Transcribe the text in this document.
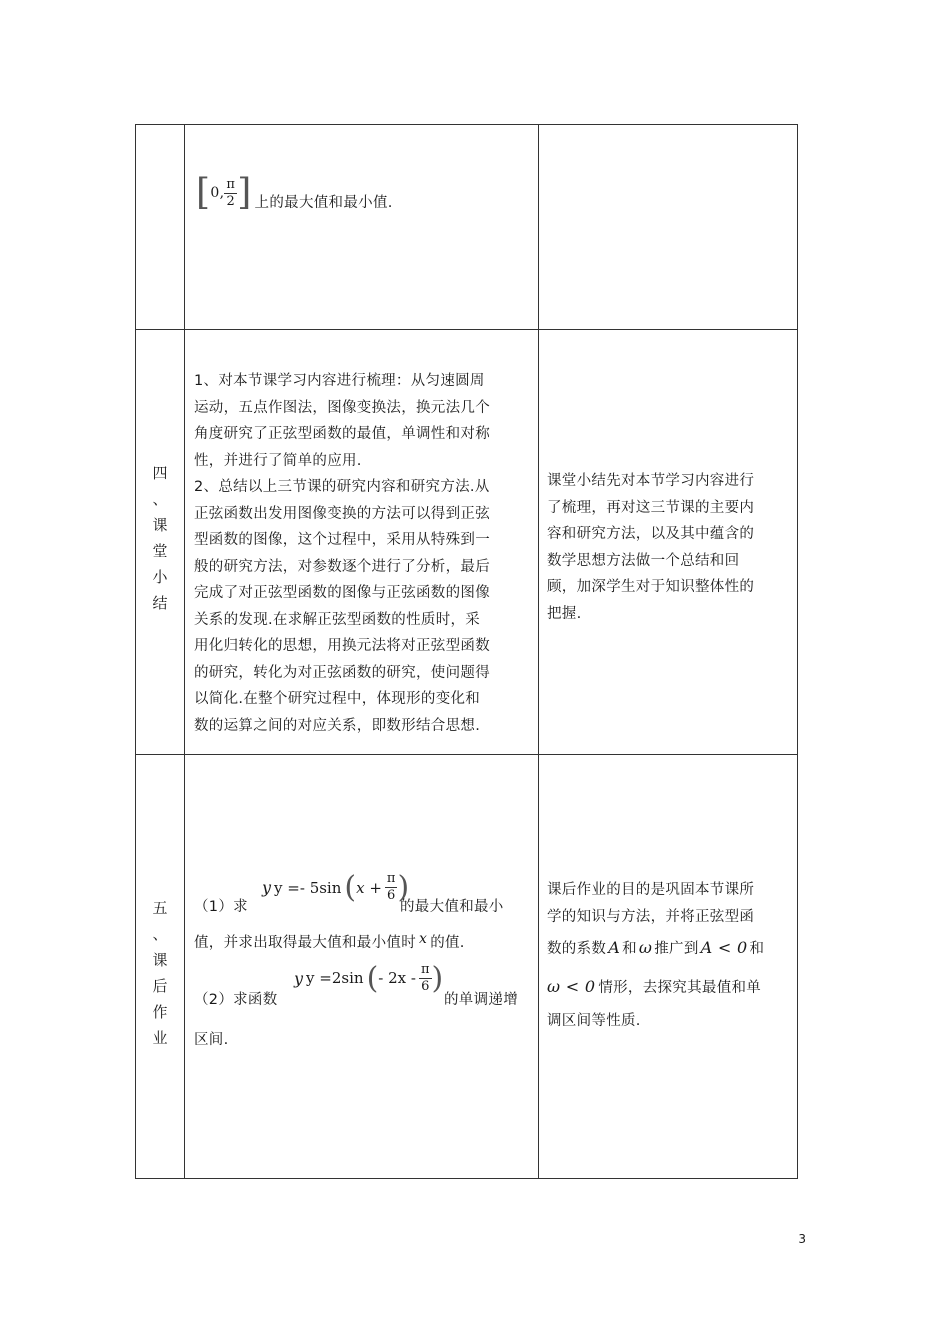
[ 0, $\frac{\pi}{2}$ ] 上的最大值和最小值.
四
、
课
堂
小
结

1、对本节课学习内容进行梳理：从匀速圆周

运动，五点作图法，图像变换法，换元法几个

角度研究了正弦型函数的最值，单调性和对称

性，并进行了简单的应用.

2、总结以上三节课的研究内容和研究方法.从

正弦函数出发用图像变换的方法可以得到正弦

型函数的图像，这个过程中，采用从特殊到一

般的研究方法，对参数逐个进行了分析，最后

完成了对正弦型函数的图像与正弦函数的图像

关系的发现.在求解正弦型函数的性质时，采

用化归转化的思想，用换元法将对正弦型函数

的研究，转化为对正弦函数的研究，使问题得

以简化.在整个研究过程中，体现形的变化和

数的运算之间的对应关系，即数形结合思想.

课堂小结先对本节学习内容进行

了梳理，再对这三节课的主要内

容和研究方法，以及其中蕴含的

数学思想方法做一个总结和回

顾，加深学生对于知识整体性的

把握.

五
、
课
后
作
业
（1）求
y y =- 5sin ( $x + \frac{\pi}{6}$ )
的最大值和最小
值，并求出取得最大值和最小值时 x 的值.
（2）求函数
y y =2sin ( - $2x - \frac{\pi}{6}$ )
的单调递增
区间.

课后作业的目的是巩固本节课所

学的知识与方法，并将正弦型函

数的系数 A 和 ω 推广到 A < 0 和

ω < 0 情形，去探究其最值和单

调区间等性质.

3
